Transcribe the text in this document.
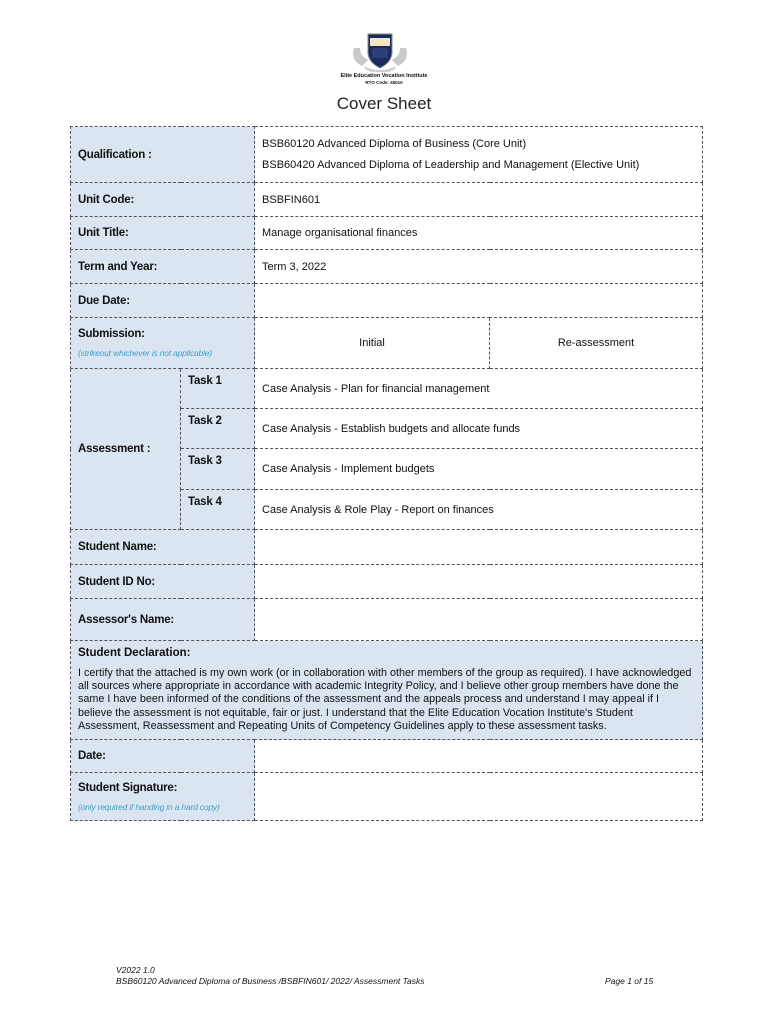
Elite Education Vocation Institute
RTO Code: 45010
Cover Sheet
Qualification :		BSB60120 Advanced Diploma of Business (Core Unit)
BSB60420 Advanced Diploma of Leadership and Management (Elective Unit)	
Unit Code:		BSBFIN601	
Unit Title:		Manage organisational finances	
Term and Year:		Term 3, 2022	
Due Date:			
Submission:
(strikeout whichever is not applicable)		Initial	Re-assessment
Assessment :	Task 1	Case Analysis - Plan for financial management	
	Task 2	Case Analysis - Establish budgets and allocate funds	
	Task 3	Case Analysis - Implement budgets	
	Task 4	Case Analysis & Role Play - Report on finances	
Student Name:			
Student ID No:			
Assessor's Name:			

Student Declaration:
I certify that the attached is my own work (or in collaboration with other members of the group as required). I have acknowledged all sources where appropriate in accordance with academic Integrity Policy, and I believe other group members have done the same I have been informed of the conditions of the assessment and the appeals process and understand I may appeal if I believe the assessment is not equitable, fair or just. I understand that the Elite Education Vocation Institute's Student Assessment, Reassessment and Repeating Units of Competency Guidelines apply to these assessment tasks.			

Date:			
Student Signature:
(only required if handing in a hard copy)			

V2022 1.0
BSB60120 Advanced Diploma of Business /BSBFIN601/ 2022/ Assessment Tasks	Page 1 of 15
